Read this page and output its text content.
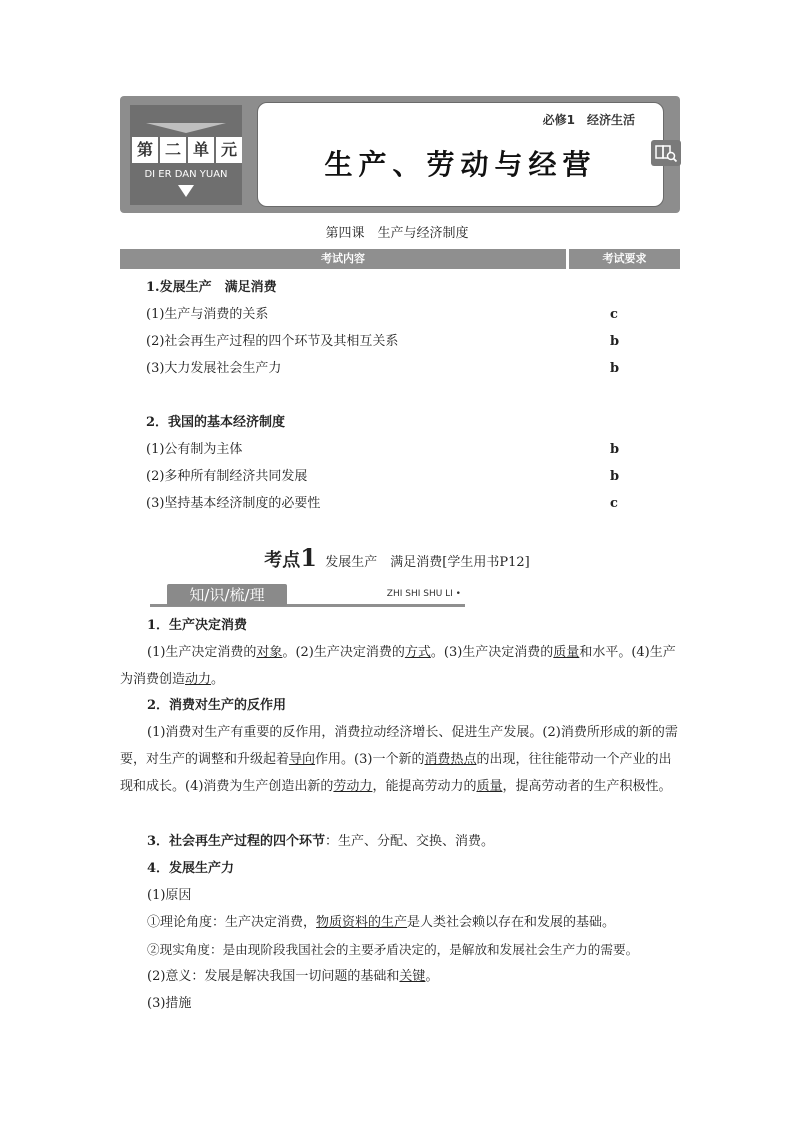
第 二 单 元
DI ER DAN YUAN
必修1　经济生活
生产、劳动与经营
第四课　生产与经济制度
考试内容	考试要求
1.发展生产　满足消费
(1)生产与消费的关系	c
(2)社会再生产过程的四个环节及其相互关系	b
(3)大力发展社会生产力	b
2．我国的基本经济制度
(1)公有制为主体	b
(2)多种所有制经济共同发展	b
(3)坚持基本经济制度的必要性	c
考点1 发展生产　满足消费[学生用书P12]
知/识/梳/理	ZHI SHI SHU LI •
1．生产决定消费
(1)生产决定消费的对象。(2)生产决定消费的方式。(3)生产决定消费的质量和水平。(4)生产为消费创造动力。
2．消费对生产的反作用
(1)消费对生产有重要的反作用，消费拉动经济增长、促进生产发展。(2)消费所形成的新的需要，对生产的调整和升级起着导向作用。(3)一个新的消费热点的出现，往往能带动一个产业的出现和成长。(4)消费为生产创造出新的劳动力，能提高劳动力的质量，提高劳动者的生产积极性。
3．社会再生产过程的四个环节：生产、分配、交换、消费。
4．发展生产力
(1)原因
①理论角度：生产决定消费，物质资料的生产是人类社会赖以存在和发展的基础。
②现实角度：是由现阶段我国社会的主要矛盾决定的，是解放和发展社会生产力的需要。
(2)意义：发展是解决我国一切问题的基础和关键。
(3)措施
